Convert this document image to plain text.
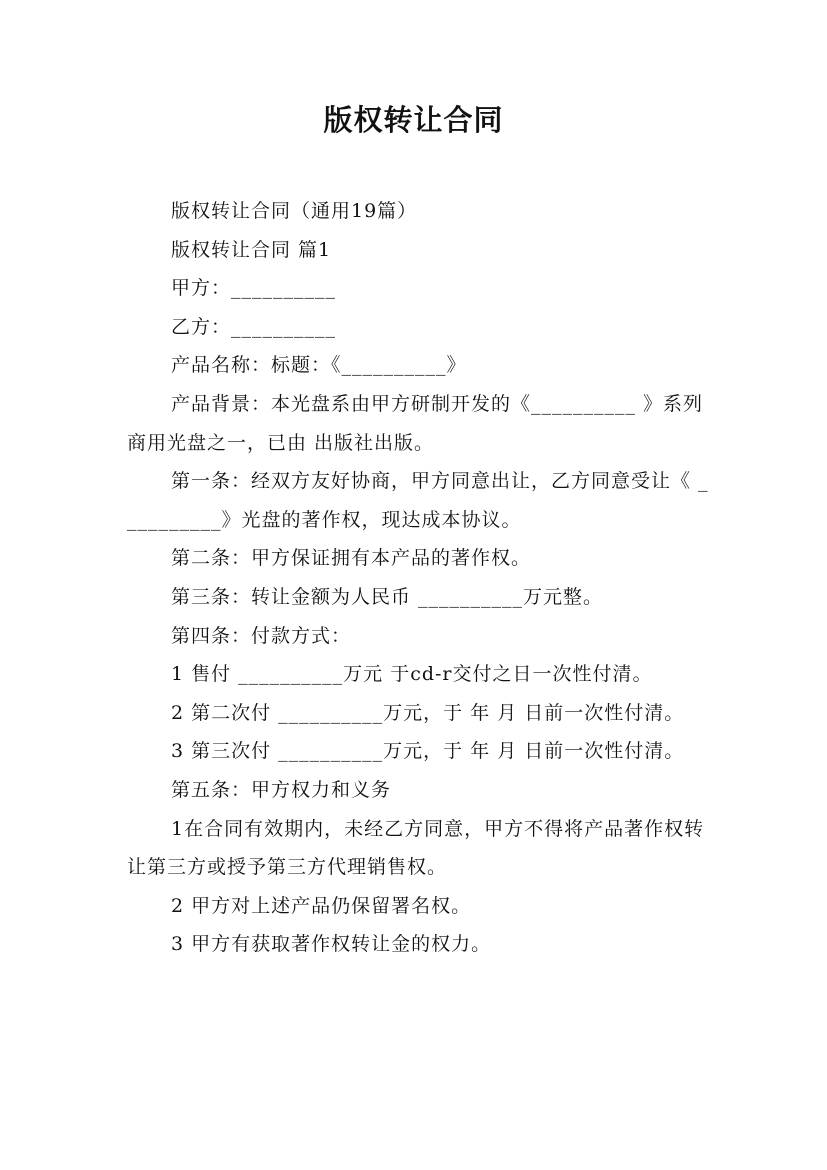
版权转让合同

版权转让合同（通用19篇）

版权转让合同 篇1

甲方：__________

乙方：__________

产品名称：标题：《__________》

产品背景：本光盘系由甲方研制开发的《__________ 》系列商用光盘之一，已由 出版社出版。

第一条：经双方友好协商，甲方同意出让，乙方同意受让《 __________》光盘的著作权，现达成本协议。

第二条：甲方保证拥有本产品的著作权。

第三条：转让金额为人民币 __________万元整。

第四条：付款方式：

1 售付 __________万元 于cd-r交付之日一次性付清。

2 第二次付 __________万元，于 年 月 日前一次性付清。

3 第三次付 __________万元，于 年 月 日前一次性付清。

第五条：甲方权力和义务

1在合同有效期内，未经乙方同意，甲方不得将产品著作权转让第三方或授予第三方代理销售权。

2 甲方对上述产品仍保留署名权。

3 甲方有获取著作权转让金的权力。
